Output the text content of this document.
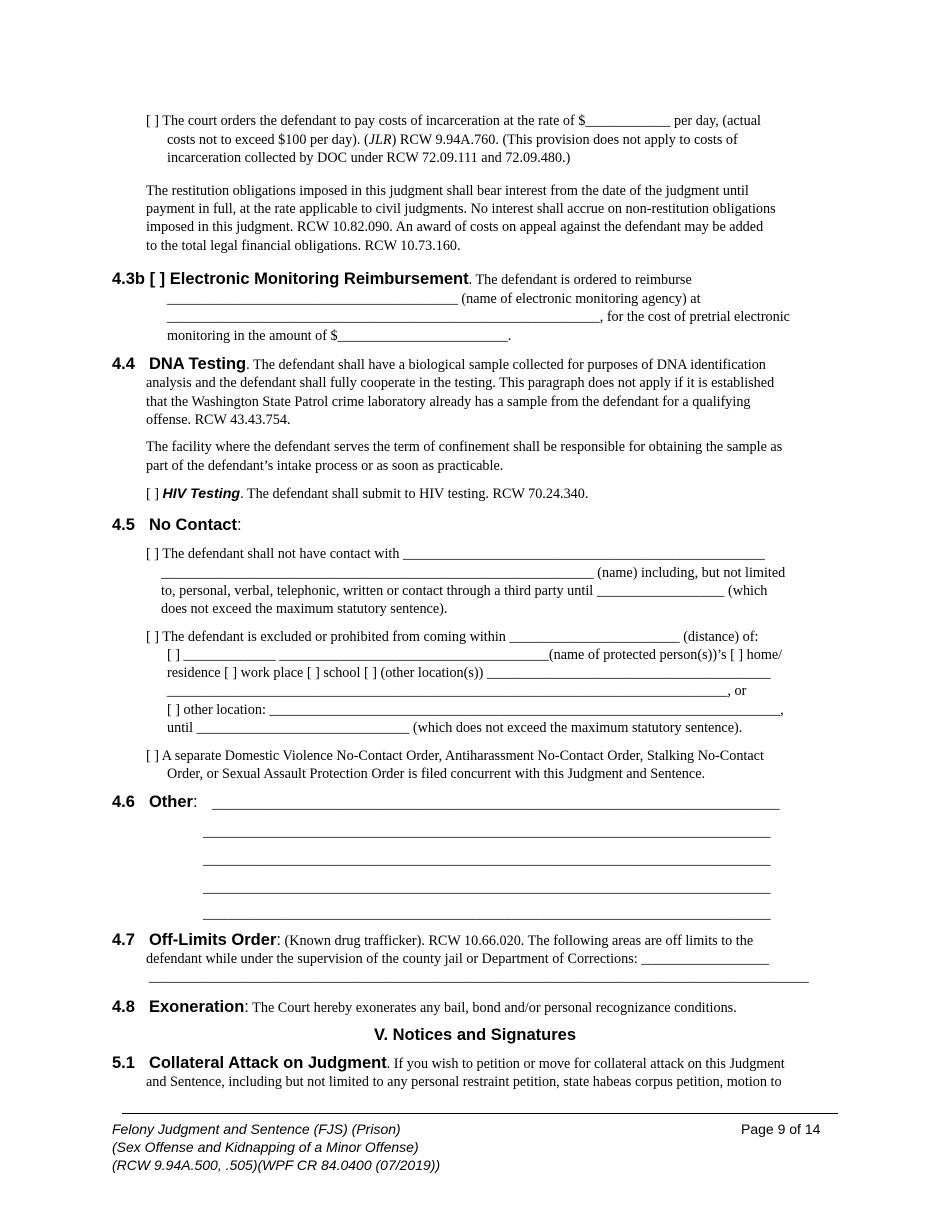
[ ] The court orders the defendant to pay costs of incarceration at the rate of $____________ per day, (actual
costs not to exceed $100 per day). (JLR) RCW 9.94A.760. (This provision does not apply to costs of
incarceration collected by DOC under RCW 72.09.111 and 72.09.480.)
The restitution obligations imposed in this judgment shall bear interest from the date of the judgment until
payment in full, at the rate applicable to civil judgments. No interest shall accrue on non-restitution obligations
imposed in this judgment. RCW 10.82.090. An award of costs on appeal against the defendant may be added
to the total legal financial obligations. RCW 10.73.160.
4.3b [ ] Electronic Monitoring Reimbursement. The defendant is ordered to reimburse
_________________________________________ (name of electronic monitoring agency) at
_____________________________________________________________, for the cost of pretrial electronic
monitoring in the amount of $________________________.
4.4 DNA Testing. The defendant shall have a biological sample collected for purposes of DNA identification
analysis and the defendant shall fully cooperate in the testing. This paragraph does not apply if it is established
that the Washington State Patrol crime laboratory already has a sample from the defendant for a qualifying
offense. RCW 43.43.754.
The facility where the defendant serves the term of confinement shall be responsible for obtaining the sample as
part of the defendant’s intake process or as soon as practicable.
[ ] HIV Testing. The defendant shall submit to HIV testing. RCW 70.24.340.
4.5 No Contact:
[ ] The defendant shall not have contact with ___________________________________________________
_____________________________________________________________ (name) including, but not limited
to, personal, verbal, telephonic, written or contact through a third party until __________________ (which
does not exceed the maximum statutory sentence).
[ ] The defendant is excluded or prohibited from coming within ________________________ (distance) of:
[ ] _____________ ______________________________________(name of protected person(s))’s [ ] home/
residence [ ] work place [ ] school [ ] (other location(s)) ________________________________________
_______________________________________________________________________________, or
[ ] other location: ________________________________________________________________________,
until ______________________________ (which does not exceed the maximum statutory sentence).
[ ] A separate Domestic Violence No-Contact Order, Antiharassment No-Contact Order, Stalking No-Contact
Order, or Sexual Assault Protection Order is filed concurrent with this Judgment and Sentence.
4.6 Other: ________________________________________________________________________________
________________________________________________________________________________
________________________________________________________________________________
________________________________________________________________________________
________________________________________________________________________________
4.7 Off-Limits Order: (Known drug trafficker). RCW 10.66.020. The following areas are off limits to the
defendant while under the supervision of the county jail or Department of Corrections: __________________
_____________________________________________________________________________________________
4.8 Exoneration: The Court hereby exonerates any bail, bond and/or personal recognizance conditions.
V. Notices and Signatures
5.1 Collateral Attack on Judgment. If you wish to petition or move for collateral attack on this Judgment
and Sentence, including but not limited to any personal restraint petition, state habeas corpus petition, motion to
Felony Judgment and Sentence (FJS) (Prison)
(Sex Offense and Kidnapping of a Minor Offense)
(RCW 9.94A.500, .505)(WPF CR 84.0400 (07/2019))
Page 9 of 14
